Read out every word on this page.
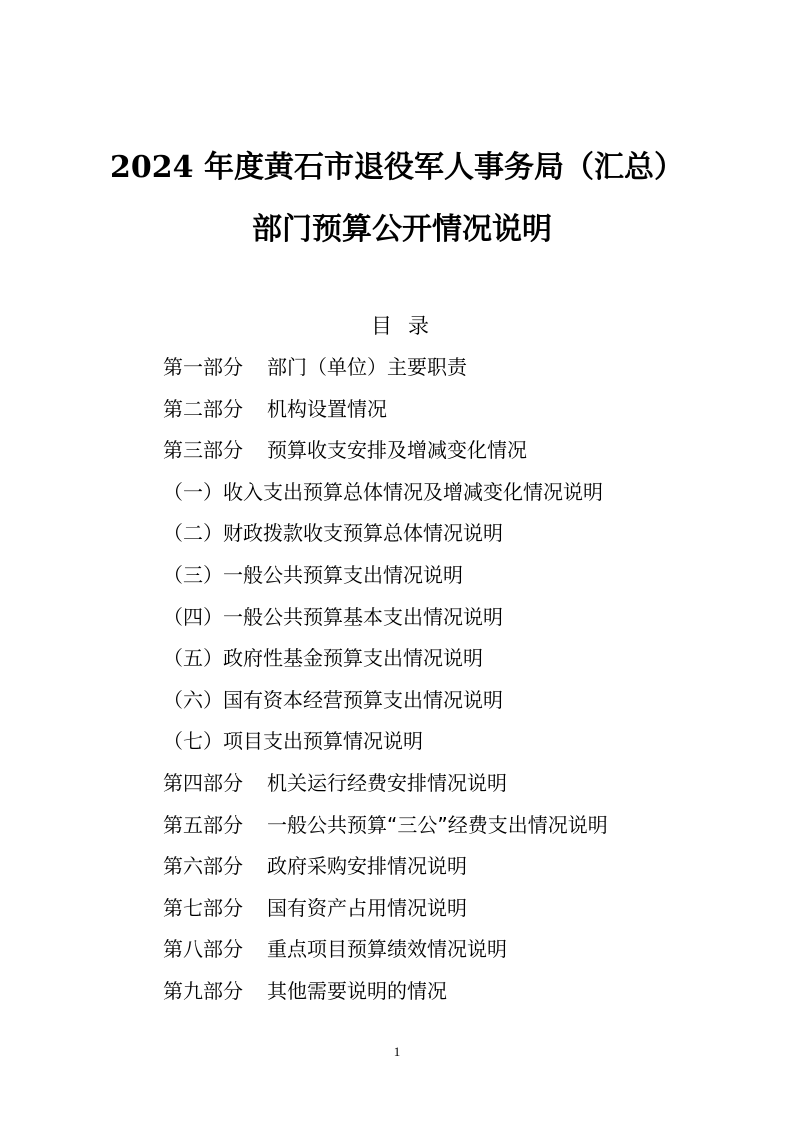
2024 年度黄石市退役军人事务局（汇总）
部门预算公开情况说明
目录
第一部分 部门（单位）主要职责
第二部分 机构设置情况
第三部分 预算收支安排及增减变化情况
（一）收入支出预算总体情况及增减变化情况说明
（二）财政拨款收支预算总体情况说明
（三）一般公共预算支出情况说明
（四）一般公共预算基本支出情况说明
（五）政府性基金预算支出情况说明
（六）国有资本经营预算支出情况说明
（七）项目支出预算情况说明
第四部分 机关运行经费安排情况说明
第五部分 一般公共预算“三公”经费支出情况说明
第六部分 政府采购安排情况说明
第七部分 国有资产占用情况说明
第八部分 重点项目预算绩效情况说明
第九部分 其他需要说明的情况
1
